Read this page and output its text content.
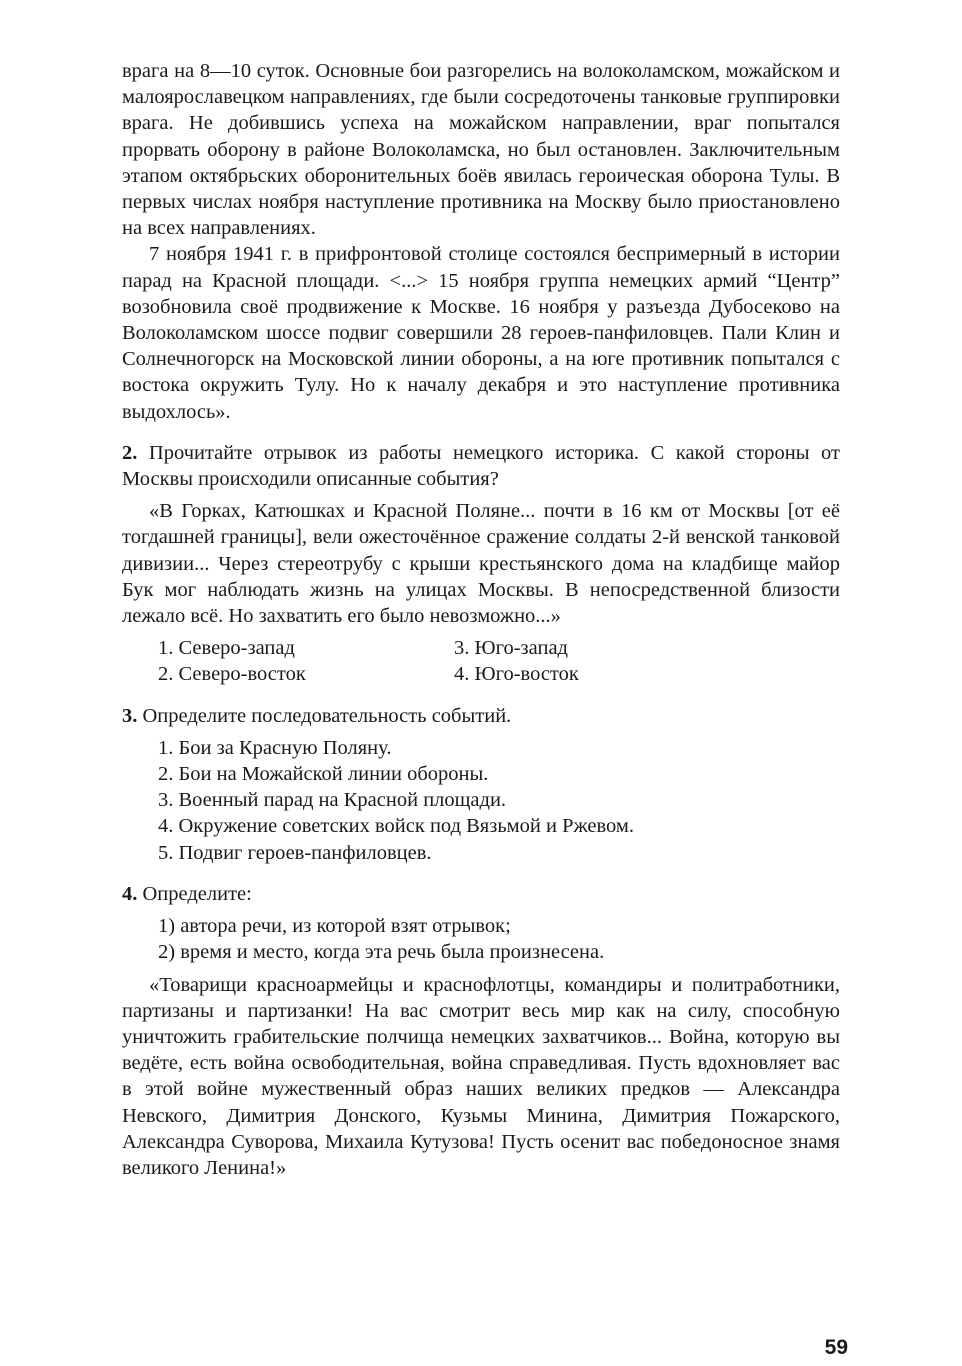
врага на 8—10 суток. Основные бои разгорелись на волоколамском, можайском и малоярославецком направлениях, где были сосредоточены танковые группировки врага. Не добившись успеха на можайском направлении, враг попытался прорвать оборону в районе Волоколамска, но был остановлен. Заключительным этапом октябрьских оборонительных боёв явилась героическая оборона Тулы. В первых числах ноября наступление противника на Москву было приостановлено на всех направлениях.

7 ноября 1941 г. в прифронтовой столице состоялся беспримерный в истории парад на Красной площади. <...> 15 ноября группа немецких армий “Центр” возобновила своё продвижение к Москве. 16 ноября у разъезда Дубосеково на Волоколамском шоссе подвиг совершили 28 героев-панфиловцев. Пали Клин и Солнечногорск на Московской линии обороны, а на юге противник попытался с востока окружить Тулу. Но к началу декабря и это наступление противника выдохлось».

2. Прочитайте отрывок из работы немецкого историка. С какой стороны от Москвы происходили описанные события?

«В Горках, Катюшках и Красной Поляне... почти в 16 км от Москвы [от её тогдашней границы], вели ожесточённое сражение солдаты 2-й венской танковой дивизии... Через стереотрубу с крыши крестьянского дома на кладбище майор Бук мог наблюдать жизнь на улицах Москвы. В непосредственной близости лежало всё. Но захватить его было невозможно...»

1. Северо-запад	3. Юго-запад
2. Северо-восток	4. Юго-восток

3. Определите последовательность событий.

1. Бои за Красную Поляну.
2. Бои на Можайской линии обороны.
3. Военный парад на Красной площади.
4. Окружение советских войск под Вязьмой и Ржевом.
5. Подвиг героев-панфиловцев.

4. Определите:

1) автора речи, из которой взят отрывок;
2) время и место, когда эта речь была произнесена.

«Товарищи красноармейцы и краснофлотцы, командиры и политработники, партизаны и партизанки! На вас смотрит весь мир как на силу, способную уничтожить грабительские полчища немецких захватчиков... Война, которую вы ведёте, есть война освободительная, война справедливая. Пусть вдохновляет вас в этой войне мужественный образ наших великих предков — Александра Невского, Димитрия Донского, Кузьмы Минина, Димитрия Пожарского, Александра Суворова, Михаила Кутузова! Пусть осенит вас победоносное знамя великого Ленина!»

59
